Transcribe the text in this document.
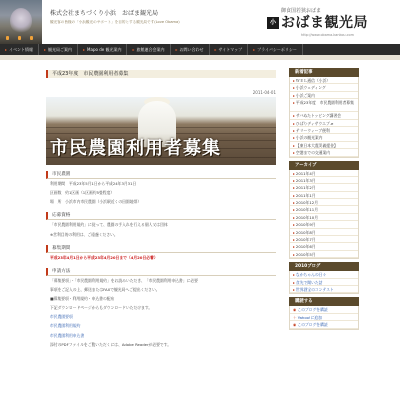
株式会社まちづくり小浜　おばま観光局
観光客の皆様の「小浜観光のサポート」を目的とする観光局です(Love Obama)
御食国若狭おばま
小 おばま観光局
http://www.obama-kankou.com
▸ イベント情報	▸ 観光局ご案内	▸ Mapo de 観光案内	▸ 旅館連合会案内	▸ お問い合わせ	▸ サイトマップ	▸ プライバシーポリシー
平成23年度　市民農園利用者募集
2011-04-01
市民農園利用者募集
市民農園
利用期間　平成23年5月1日から平成24年3月31日
区画数　約1区画（1区画約5畳程度）
場　所　小浜市内市民農園（小浜駅近くの田園地帯）
応募資格
「市民農園利用規約」に従って、農園の手入れを行える個人又は団体
※営利目的の利用は、ご遠慮ください。
募集期間
平成23年4月1日から平成23年4月20日まで（4月20日必着）
申請方法
「募集要項」・「市民農園利用規約」をお読みいただき、「市民農園利用申込書」に必要
事項をご記入の上、郵送またはFAXで観光局へご提出ください。
■募集要項・利用規約・申込書の配布
下記ダウンロードページからもダウンロードいただけます。
市民農園要項
市民農園利用規約
市民農園利用申込書
添付のPDFファイルをご覧いただくには、Adobe Readerが必要です。
新着記事
▸ＷＥＬ通信（小浜）
▸小浜ウェディング
▸小浜ご案内
▸平成23年度　市民農園利用者募集
▸サバぬたトッピング講習会
▸ひばりディサウエブ.e
▸テリーウィーブ便利
▸小浜の観光案内
▸【東日本大震災義援金】
▸空港までの交通案内
アーカイブ
▸2011年4月
▸2011年3月
▸2011年2月
▸2011年1月
▸2010年12月
▸2010年11月
▸2010年10月
▸2010年9月
▸2010年8月
▸2010年7月
▸2010年6月
▸2010年5月
2010ブログ
▸なかちゃんの日々
▸食先で聞いた話
▸世界酒宝のコンテスト
購読する
◉このブログを購読
＋Yahoo!に追加
◉このブログを購読
